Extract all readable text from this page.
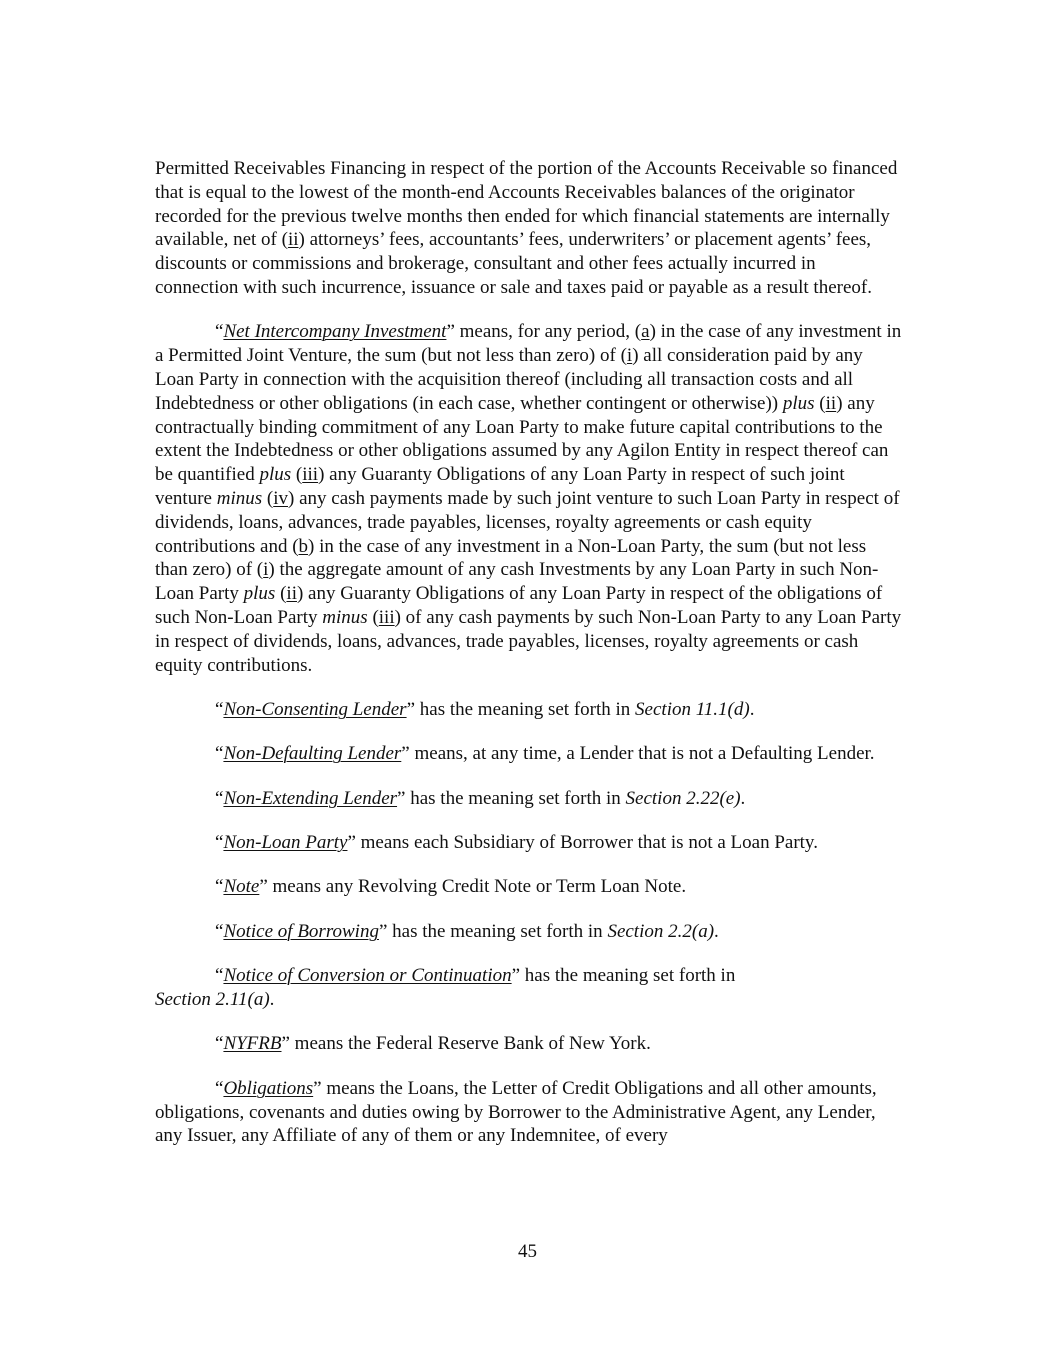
Permitted Receivables Financing in respect of the portion of the Accounts Receivable so financed that is equal to the lowest of the month-end Accounts Receivables balances of the originator recorded for the previous twelve months then ended for which financial statements are internally available, net of (ii) attorneys’ fees, accountants’ fees, underwriters’ or placement agents’ fees, discounts or commissions and brokerage, consultant and other fees actually incurred in connection with such incurrence, issuance or sale and taxes paid or payable as a result thereof.

“Net Intercompany Investment” means, for any period, (a) in the case of any investment in a Permitted Joint Venture, the sum (but not less than zero) of (i) all consideration paid by any Loan Party in connection with the acquisition thereof (including all transaction costs and all Indebtedness or other obligations (in each case, whether contingent or otherwise)) plus (ii) any contractually binding commitment of any Loan Party to make future capital contributions to the extent the Indebtedness or other obligations assumed by any Agilon Entity in respect thereof can be quantified plus (iii) any Guaranty Obligations of any Loan Party in respect of such joint venture minus (iv) any cash payments made by such joint venture to such Loan Party in respect of dividends, loans, advances, trade payables, licenses, royalty agreements or cash equity contributions and (b) in the case of any investment in a Non-Loan Party, the sum (but not less than zero) of (i) the aggregate amount of any cash Investments by any Loan Party in such Non-Loan Party plus (ii) any Guaranty Obligations of any Loan Party in respect of the obligations of such Non-Loan Party minus (iii) of any cash payments by such Non-Loan Party to any Loan Party in respect of dividends, loans, advances, trade payables, licenses, royalty agreements or cash equity contributions.

“Non-Consenting Lender” has the meaning set forth in Section 11.1(d).

“Non-Defaulting Lender” means, at any time, a Lender that is not a Defaulting Lender.

“Non-Extending Lender” has the meaning set forth in Section 2.22(e).

“Non-Loan Party” means each Subsidiary of Borrower that is not a Loan Party.

“Note” means any Revolving Credit Note or Term Loan Note.

“Notice of Borrowing” has the meaning set forth in Section 2.2(a).

“Notice of Conversion or Continuation” has the meaning set forth in Section 2.11(a).

“NYFRB” means the Federal Reserve Bank of New York.

“Obligations” means the Loans, the Letter of Credit Obligations and all other amounts, obligations, covenants and duties owing by Borrower to the Administrative Agent, any Lender, any Issuer, any Affiliate of any of them or any Indemnitee, of every

45
